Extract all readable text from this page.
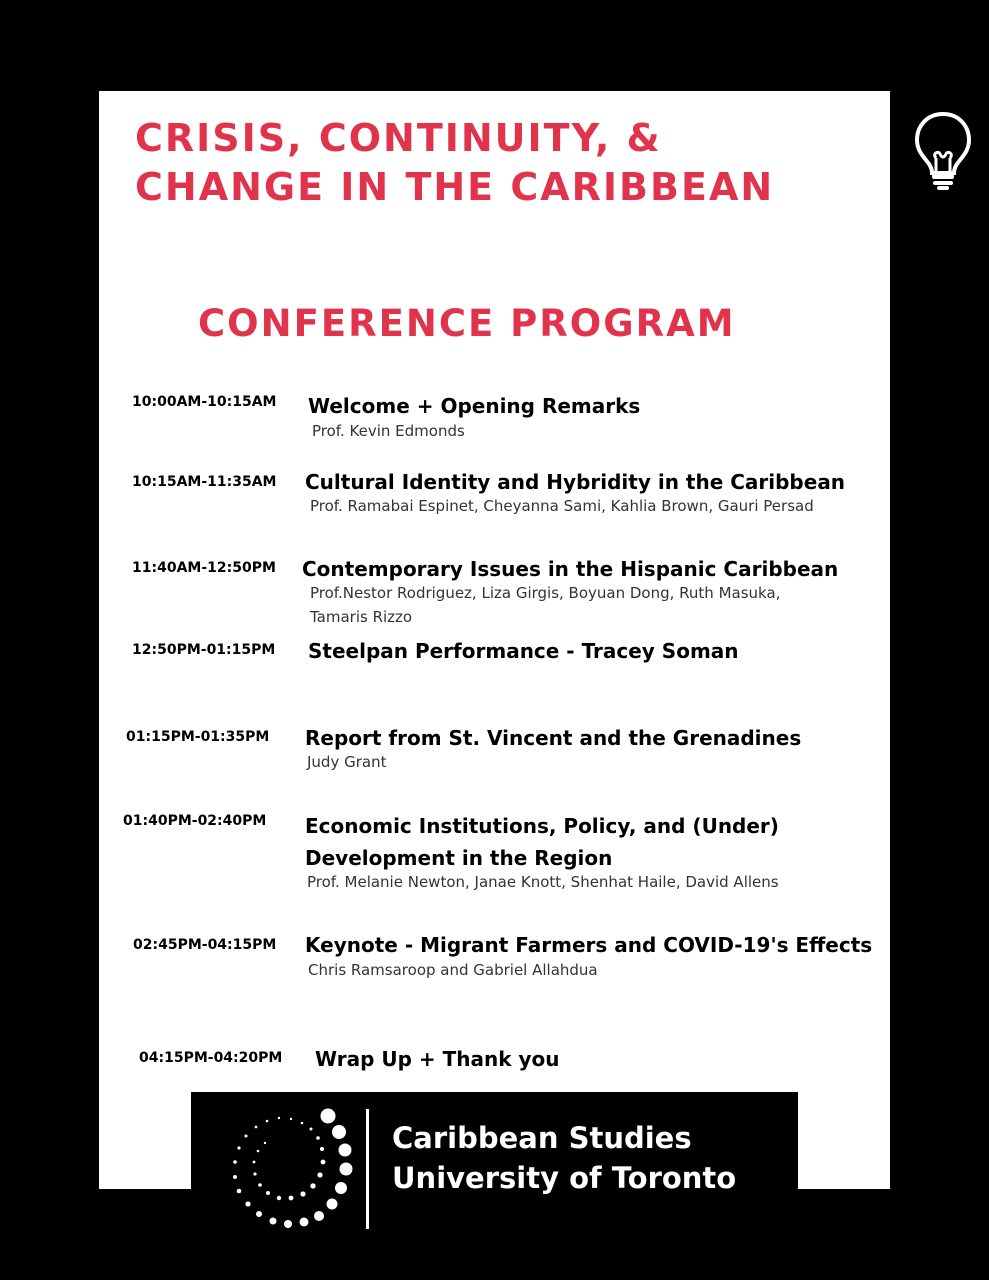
CRISIS, CONTINUITY, &
CHANGE IN THE CARIBBEAN
CONFERENCE PROGRAM
10:00AM-10:15AM Welcome + Opening Remarks
Prof. Kevin Edmonds
10:15AM-11:35AM Cultural Identity and Hybridity in the Caribbean
Prof. Ramabai Espinet, Cheyanna Sami, Kahlia Brown, Gauri Persad
11:40AM-12:50PM Contemporary Issues in the Hispanic Caribbean
Prof.Nestor Rodriguez, Liza Girgis, Boyuan Dong, Ruth Masuka,
Tamaris Rizzo
12:50PM-01:15PM Steelpan Performance - Tracey Soman
01:15PM-01:35PM Report from St. Vincent and the Grenadines
Judy Grant
01:40PM-02:40PM Economic Institutions, Policy, and (Under)
Development in the Region
Prof. Melanie Newton, Janae Knott, Shenhat Haile, David Allens
02:45PM-04:15PM Keynote - Migrant Farmers and COVID-19's Effects
Chris Ramsaroop and Gabriel Allahdua
04:15PM-04:20PM Wrap Up + Thank you
Caribbean Studies
University of Toronto
